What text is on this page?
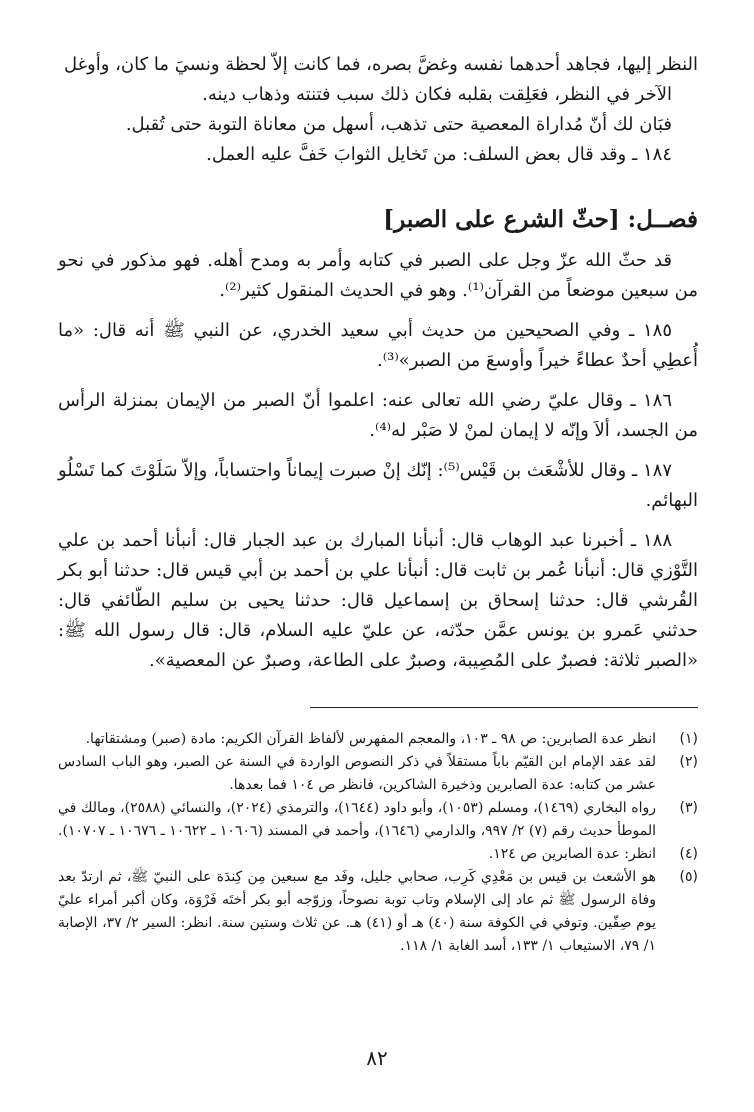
النظر إليها، فجاهد أحدهما نفسه وغضَّ بصره، فما كانت إلاّ لحظة ونسيَ ما كان، وأوغل
الآخر في النظر، فعَلِقت بقلبه فكان ذلك سبب فتنته وذهاب دينه.
فبَان لك أنّ مُداراة المعصية حتى تذهب، أسهل من معاناة التوبة حتى تُقبل.
١٨٤ ـ وقد قال بعض السلف: من تَخايل الثوابَ خَفَّ عليه العمل.
فصــل: [حثّ الشرع على الصبر]

قد حثّ الله عزّ وجل على الصبر في كتابه وأمر به ومدح أهله. فهو مذكور في نحو من سبعين موضعاً من القرآن⁽¹⁾. وهو في الحديث المنقول كثير⁽²⁾.

١٨٥ ـ وفي الصحيحين من حديث أبي سعيد الخدري، عن النبي ﷺ أنه قال: «ما أُعطِي أحدٌ عطاءً خيراً وأوسعَ من الصبر»⁽³⁾.

١٨٦ ـ وقال عليّ رضي الله تعالى عنه: اعلموا أنّ الصبر من الإيمان بمنزلة الرأس من الجسد، ألاَ وإنّه لا إيمان لمنْ لا صَبْر له⁽⁴⁾.

١٨٧ ـ وقال للأشْعَث بن قَيْس⁽⁵⁾: إنّك إنْ صبرت إيماناً واحتساباً، وإلاّ سَلَوْتَ كما تَسْلُو البهائم.

١٨٨ ـ أخبرنا عبد الوهاب قال: أنبأنا المبارك بن عبد الجبار قال: أنبأنا أحمد بن علي التَّوْزي قال: أنبأنا عُمر بن ثابت قال: أنبأنا علي بن أحمد بن أبي قيس قال: حدثنا أبو بكر القُرشي قال: حدثنا إسحاق بن إسماعيل قال: حدثنا يحيى بن سليم الطّائفي قال: حدثني عَمرو بن يونس عمَّن حدّثه، عن عليّ عليه السلام، قال: قال رسول الله ﷺ: «الصبر ثلاثة: فصبرٌ على المُصِيبة، وصبرٌ على الطاعة، وصبرٌ عن المعصية».

(١)
انظر عدة الصابرين: ص ٩٨ ـ ١٠٣، والمعجم المفهرس لألفاظ القرآن الكريم: مادة (صبر) ومشتقاتها.
(٢)
لقد عقد الإمام ابن القيّم باباً مستقلاً في ذكر النصوص الواردة في السنة عن الصبر، وهو الباب السادس عشر من كتابه: عدة الصابرين وذخيرة الشاكرين، فانظر ص ١٠٤ فما بعدها.
(٣)
رواه البخاري (١٤٦٩)، ومسلم (١٠٥٣)، وأبو داود (١٦٤٤)، والترمذي (٢٠٢٤)، والنسائي (٢٥٨٨)، ومالك في الموطأ حديث رقم (٧) ٢/ ٩٩٧، والدارمي (١٦٤٦)، وأحمد في المسند (١٠٦٠٦ ـ ١٠٦٢٢ ـ ١٠٦٧٦ ـ ١٠٧٠٧).
(٤)
انظر: عدة الصابرين ص ١٢٤.
(٥)
هو الأشعث بن قيس بن مَعْدِي كَرِب، صحابي جليل، وفَد مع سبعين مِن كِندَة على النبيّ ﷺ، ثم ارتدّ بعد وفاة الرسول ﷺ ثم عاد إلى الإسلام وتاب توبة نصوحاً، وزوّجه أبو بكر أختَه فَرْوَة، وكان أكبر أمراء عليّ يوم صِفّين. وتوفي في الكوفة سنة (٤٠) هـ أو (٤١) هـ. عن ثلاث وستين سنة. انظر: السير ٢/ ٣٧، الإصابة ١/ ٧٩، الاستيعاب ١/ ١٣٣، أسد الغابة ١/ ١١٨.
٨٢
